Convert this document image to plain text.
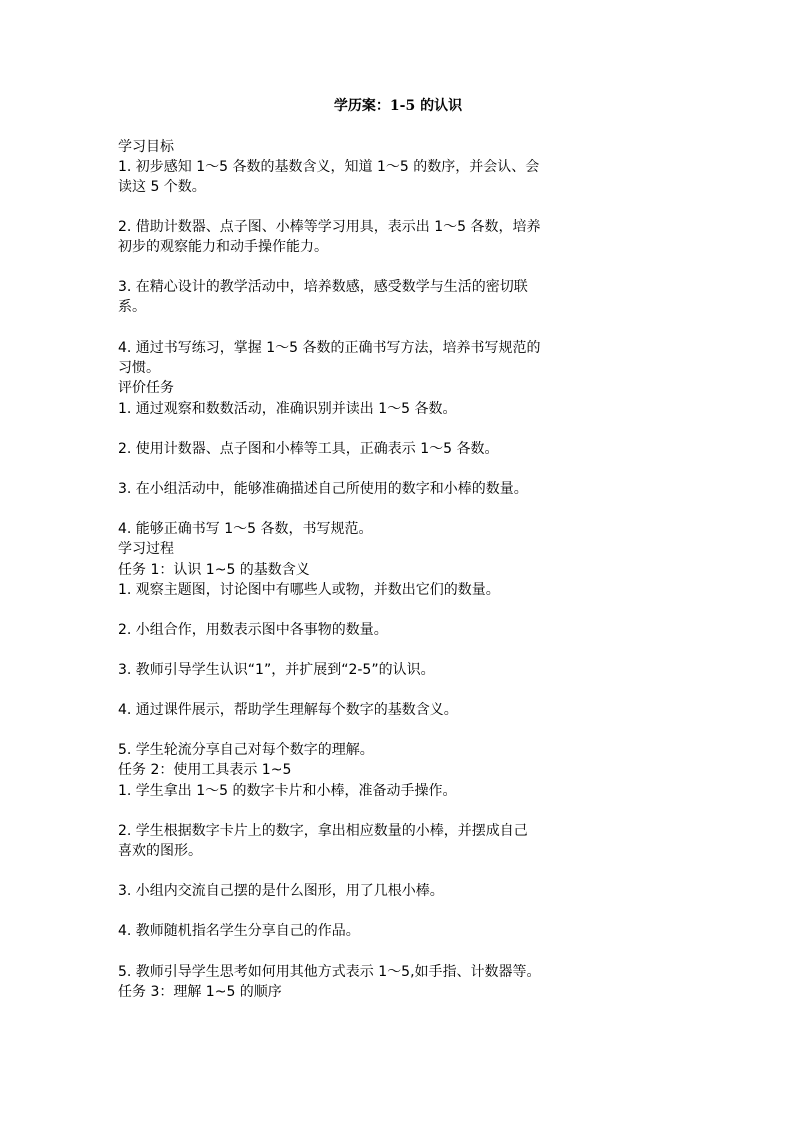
学历案：1-5 的认识
学习目标
1. 初步感知 1～5 各数的基数含义，知道 1～5 的数序，并会认、会
读这 5 个数。
2. 借助计数器、点子图、小棒等学习用具，表示出 1～5 各数，培养
初步的观察能力和动手操作能力。
3. 在精心设计的教学活动中，培养数感，感受数学与生活的密切联
系。
4. 通过书写练习，掌握 1～5 各数的正确书写方法，培养书写规范的
习惯。
评价任务
1. 通过观察和数数活动，准确识别并读出 1～5 各数。
2. 使用计数器、点子图和小棒等工具，正确表示 1～5 各数。
3. 在小组活动中，能够准确描述自己所使用的数字和小棒的数量。
4. 能够正确书写 1～5 各数，书写规范。
学习过程
任务 1：认识 1~5 的基数含义
1. 观察主题图，讨论图中有哪些人或物，并数出它们的数量。
2. 小组合作，用数表示图中各事物的数量。
3. 教师引导学生认识“1”，并扩展到“2-5”的认识。
4. 通过课件展示，帮助学生理解每个数字的基数含义。
5. 学生轮流分享自己对每个数字的理解。
任务 2：使用工具表示 1~5
1. 学生拿出 1～5 的数字卡片和小棒，准备动手操作。
2. 学生根据数字卡片上的数字，拿出相应数量的小棒，并摆成自己
喜欢的图形。
3. 小组内交流自己摆的是什么图形，用了几根小棒。
4. 教师随机指名学生分享自己的作品。
5. 教师引导学生思考如何用其他方式表示 1～5,如手指、计数器等。
任务 3：理解 1~5 的顺序
